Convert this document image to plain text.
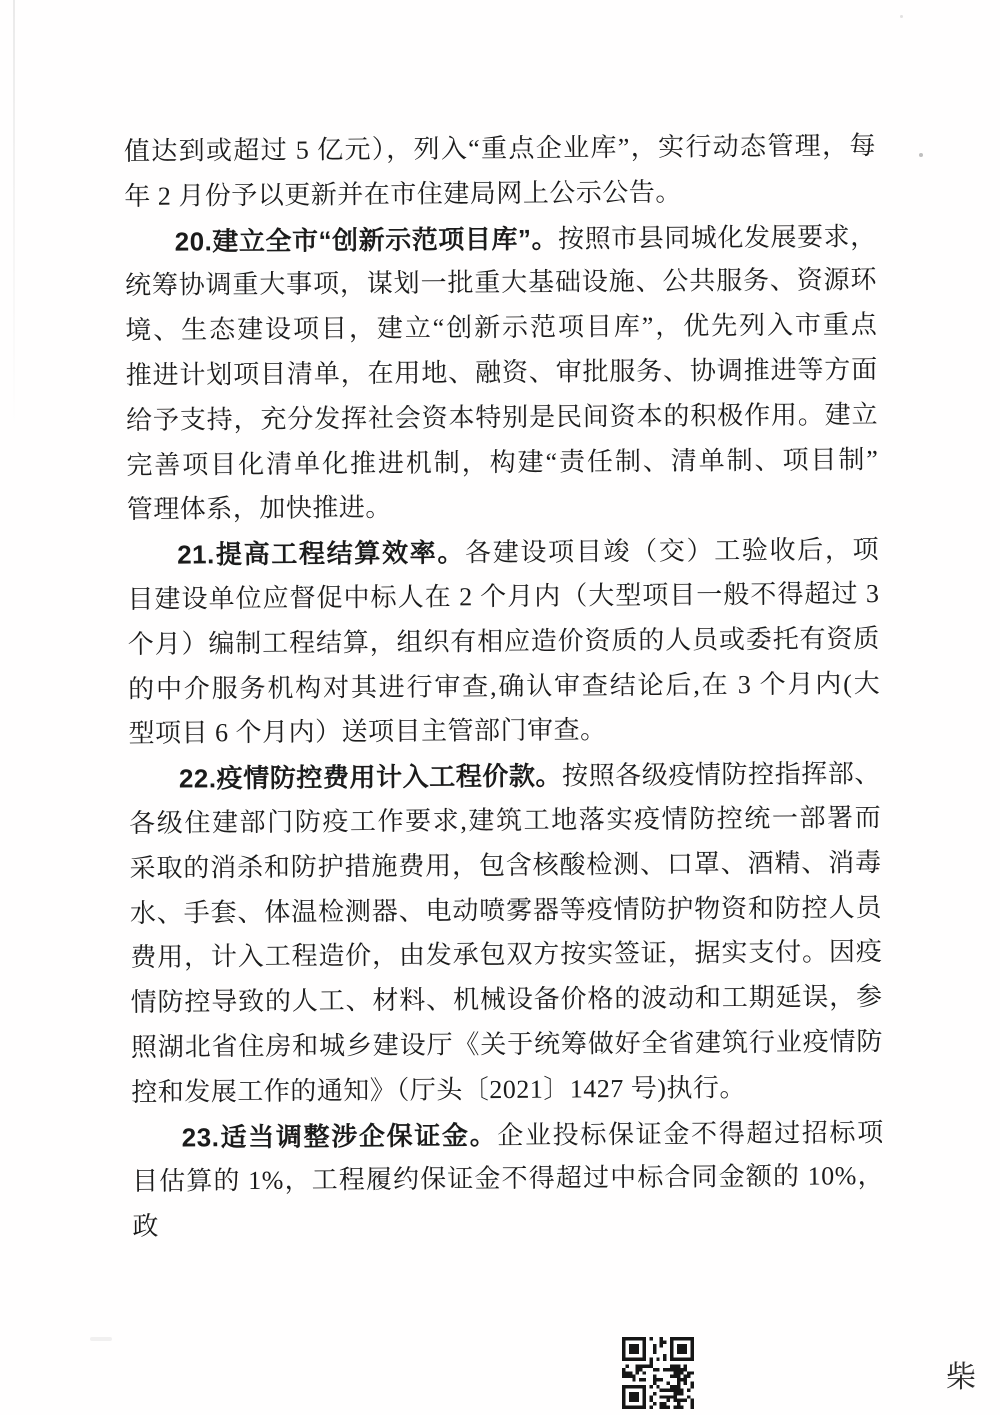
值达到或超过 5 亿元），列入“重点企业库”，实行动态管理，每
年 2 月份予以更新并在市住建局网上公示公告。
20.建立全市“创新示范项目库”。按照市县同城化发展要求，
统筹协调重大事项，谋划一批重大基础设施、公共服务、资源环
境、生态建设项目，建立“创新示范项目库”，优先列入市重点
推进计划项目清单，在用地、融资、审批服务、协调推进等方面
给予支持，充分发挥社会资本特别是民间资本的积极作用。建立
完善项目化清单化推进机制，构建“责任制、清单制、项目制”
管理体系，加快推进。
21.提高工程结算效率。各建设项目竣（交）工验收后，项
目建设单位应督促中标人在 2 个月内（大型项目一般不得超过 3
个月）编制工程结算，组织有相应造价资质的人员或委托有资质
的中介服务机构对其进行审查,确认审查结论后,在 3 个月内(大
型项目 6 个月内）送项目主管部门审查。
22.疫情防控费用计入工程价款。按照各级疫情防控指挥部、
各级住建部门防疫工作要求,建筑工地落实疫情防控统一部署而
采取的消杀和防护措施费用，包含核酸检测、口罩、酒精、消毒
水、手套、体温检测器、电动喷雾器等疫情防护物资和防控人员
费用，计入工程造价，由发承包双方按实签证，据实支付。因疫
情防控导致的人工、材料、机械设备价格的波动和工期延误，参
照湖北省住房和城乡建设厅《关于统筹做好全省建筑行业疫情防
控和发展工作的通知》（厅头〔2021〕1427 号)执行。
23.适当调整涉企保证金。企业投标保证金不得超过招标项
目估算的 1%，工程履约保证金不得超过中标合同金额的 10%，政
柴
